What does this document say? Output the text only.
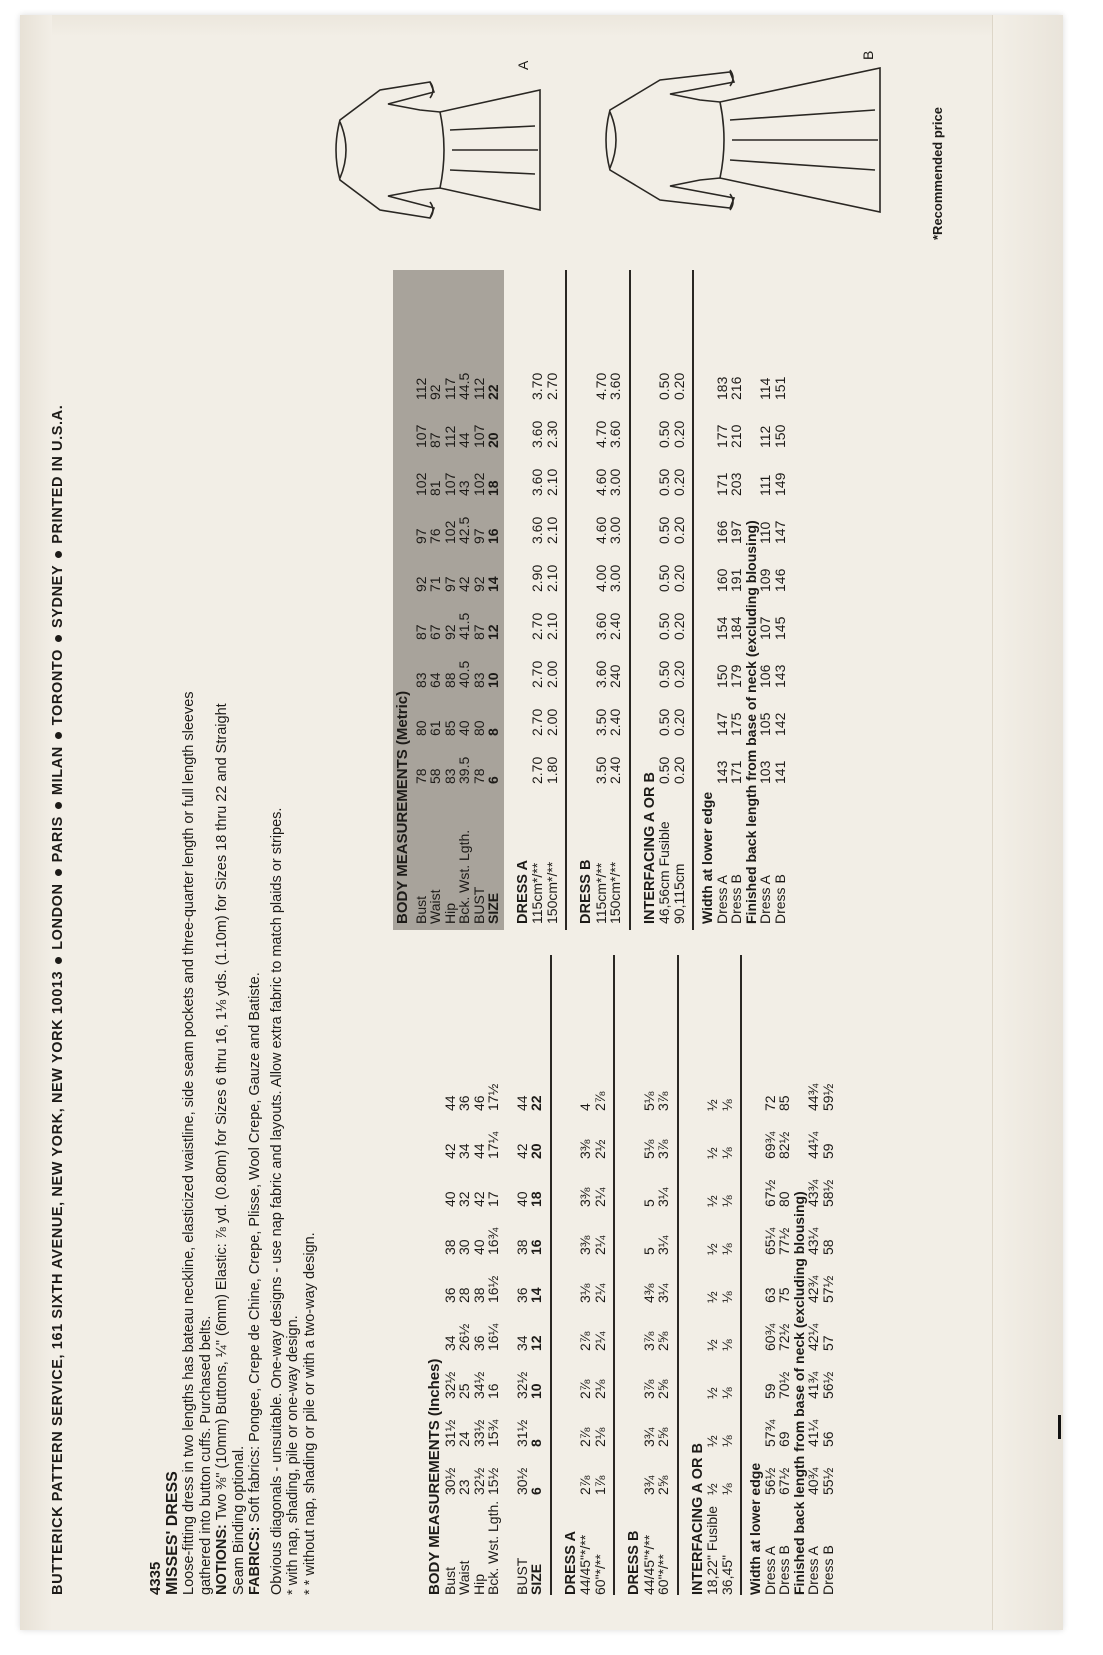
BUTTERICK PATTERN SERVICE, 161 SIXTH AVENUE, NEW YORK, NEW YORK 10013LONDONPARISMILANTORONTOSYDNEYPRINTED IN U.S.A.
4335 MISSES' DRESS Loose-fitting dress in two lengths has bateau neckline, elasticized waistline, side seam pockets and three-quarter length or full length sleeves gathered into button cuffs. Purchased belts. NOTIONS: Two ⅜" (10mm) Buttons, ¼" (6mm) Elastic: ⅞ yd. (0.80m) for Sizes 6 thru 16, 1⅛ yds. (1.10m) for Sizes 18 thru 22 and Straight
Seam Binding optional. FABRICS: Soft fabrics: Pongee, Crepe de Chine, Crepe, Plisse, Wool Crepe, Gauze and Batiste. Obvious diagonals - unsuitable. One-way designs - use nap fabric and layouts. Allow extra fabric to match plaids or stripes. * with nap, shading, pile or one-way design. * * without nap, shading or pile or with a two-way design.	BODY MEASUREMENTS (Inches)
Bust
30½
31½
32½
34
36
38
40
42
44
Waist
23
24
25
26½
28
30
32
34
36
Hip
32½
33½
34½
36
38
40
42
44
46
Bck. Wst. Lgth.
15½
15¾
16
16¼
16½
16¾
17
17¼
17½
BUST
30½
31½
32½
34
36
38
40
42
44
SIZE
6
8
10
12
14
16
18
20
22
DRESS A
44/45"*/**
2⅞
2⅞
2⅞
2⅞
3⅛
3⅜
3⅜
3⅜
4
60"*/**
1⅞
2⅛
2⅛
2¼
2¼
2¼
2¼
2½
2⅞
DRESS B
44/45"*/**
3¾
3¾
3⅞
3⅞
4⅜
5
5
5⅛
5⅛
60"*/**
2⅝
2⅝
2⅝
2⅝
3¼
3¼
3¼
3⅞
3⅞
INTERFACING A OR B
18,22" Fusible
½
½
½
½
½
½
½
½
½
36,45"
⅛
⅛
⅛
⅛
⅛
⅛
⅛
⅛
⅛
Width at lower edge
Dress A
56½
57¾
59
60¾
63
65¼
67½
69¾
72
Dress B
67½
69
70½
72½
75
77½
80
82½
85
Finished back length from base of neck (excluding blousing)
Dress A
40¾
41¼
41¾
42¼
42¾
43¼
43¾
44¼
44¾
Dress B
55½
56
56½
57
57½
58
58½
59
59½
BODY MEASUREMENTS (Metric) Bust
78
80
83
87
92
97
102
107
112
Waist
58
61
64
67
71
76
81
87
92
Hip
83
85
88
92
97
102
107
112
117
Bck. Wst. Lgth.
39.5
40
40.5
41.5
42
42.5
43
44
44.5
BUST
78
80
83
87
92
97
102
107
112
SIZE
6
8
10
12
14
16
18
20
22
DRESS A
115cm*/**
2.70
2.70
2.70
2.70
2.90
3.60
3.60
3.60
3.70
150cm*/**
1.80
2.00
2.00
2.10
2.10
2.10
2.10
2.30
2.70
DRESS B
115cm*/**
3.50
3.50
3.60
3.60
4.00
4.60
4.60
4.70
4.70
150cm*/**
2.40
2.40
240
2.40
3.00
3.00
3.00
3.60
3.60
INTERFACING A OR B
46,56cm Fusible
0.50
0.50
0.50
0.50
0.50
0.50
0.50
0.50
0.50
90,115cm
0.20
0.20
0.20
0.20
0.20
0.20
0.20
0.20
0.20
Width at lower edge
Dress A
143
147
150
154
160
166
171
177
183
Dress B
171
175
179
184
191
197
203
210
216
Finished back length from base of neck (excluding blousing)
Dress A
103
105
106
107
109
110
111
112
114
Dress B
141
142
143
145
146
147
149
150
151
A
B
*Recommended price
